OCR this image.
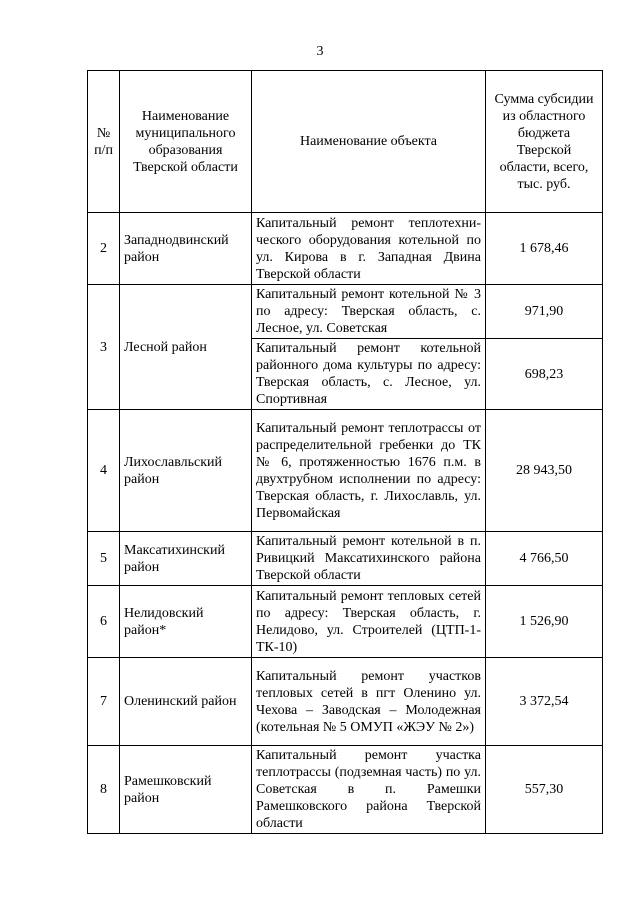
3
№ п/п	Наименование муниципального образования Тверской области	Наименование объекта	Сумма субсидии из областного бюджета Тверской области, всего, тыс. руб.
2	Западнодвинский район	Капитальный ремонт теплотехнического оборудования котельной по ул. Кирова в г. Западная Двина Тверской области	1 678,46
3	Лесной район	Капитальный ремонт котельной № 3 по адресу: Тверская область, с. Лесное, ул. Советская	971,90
		Капитальный ремонт котельной районного дома культуры по адресу: Тверская область, с. Лесное, ул. Спортивная	698,23
4	Лихославльский район	Капитальный ремонт теплотрассы от распределительной гребенки до ТК № 6, протяженностью 1676 п.м. в двухтрубном исполнении по адресу: Тверская область, г. Лихославль, ул. Первомайская	28 943,50
5	Максатихинский район	Капитальный ремонт котельной в п. Ривицкий Максатихинского района Тверской области	4 766,50
6	Нелидовский район*	Капитальный ремонт тепловых сетей по адресу: Тверская область, г. Нелидово, ул. Строителей (ЦТП-1-ТК-10)	1 526,90
7	Оленинский район	Капитальный ремонт участков тепловых сетей в пгт Оленино ул. Чехова – Заводская – Молодежная (котельная № 5 ОМУП «ЖЭУ № 2»)	3 372,54
8	Рамешковский район	Капитальный ремонт участка теплотрассы (подземная часть) по ул. Советская в п. Рамешки Рамешковского района Тверской области	557,30
